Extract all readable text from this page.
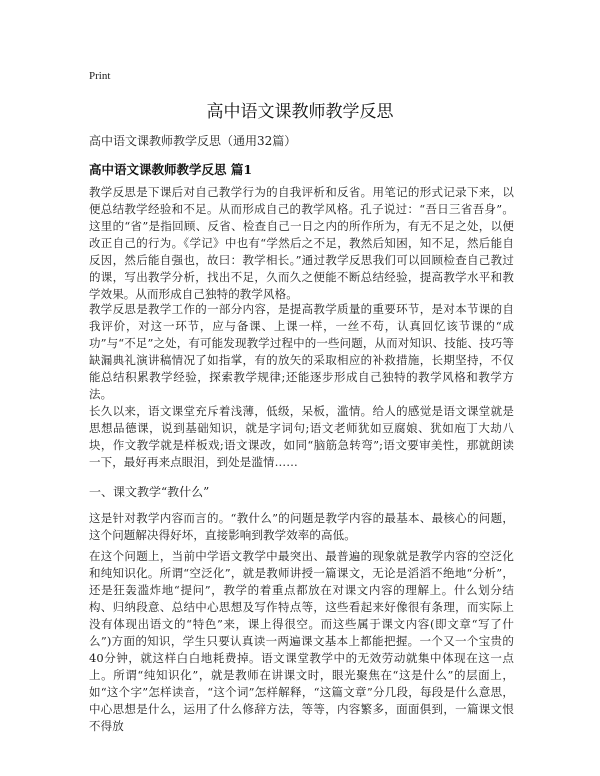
Print
高中语文课教师教学反思
高中语文课教师教学反思（通用32篇）
高中语文课教师教学反思 篇1

教学反思是下课后对自己教学行为的自我评析和反省。用笔记的形式记录下来，以便总结教学经验和不足。从而形成自己的教学风格。孔子说过：“吾日三省吾身”。这里的“省”是指回顾、反省、检查自己一日之内的所作所为，有无不足之处，以便改正自己的行为。《学记》中也有“学然后之不足，教然后知困，知不足，然后能自反因，然后能自强也，故曰：教学相长。”通过教学反思我们可以回顾检查自己教过的课，写出教学分析，找出不足，久而久之便能不断总结经验，提高教学水平和教学效果。从而形成自己独特的教学风格。

教学反思是教学工作的一部分内容，是提高教学质量的重要环节，是对本节课的自我评价，对这一环节，应与备课、上课一样，一丝不苟，认真回忆该节课的“成功”与“不足”之处，有可能发现教学过程中的一些问题，从而对知识、技能、技巧等缺漏典礼演讲稿情况了如指掌，有的放矢的采取相应的补救措施，长期坚持，不仅能总结积累教学经验，探索教学规律;还能逐步形成自己独特的教学风格和教学方法。

长久以来，语文课堂充斥着浅薄，低级，呆板，滥情。给人的感觉是语文课堂就是思想品德课，说到基础知识，就是字词句;语文老师犹如豆腐娘、犹如庖丁大劫八块，作文教学就是样板戏;语文课改，如同“脑筋急转弯”;语文要审美性，那就朗读一下，最好再来点眼泪，到处是滥情……

一、课文教学“教什么”

这是针对教学内容而言的。“教什么”的问题是教学内容的最基本、最核心的问题，这个问题解决得好坏，直接影响到教学效率的高低。

在这个问题上，当前中学语文教学中最突出、最普遍的现象就是教学内容的空泛化和纯知识化。所谓“空泛化”，就是教师讲授一篇课文，无论是滔滔不绝地“分析”，还是狂轰滥炸地“提问”，教学的着重点都放在对课文内容的理解上。什么划分结构、归纳段意、总结中心思想及写作特点等，这些看起来好像很有条理，而实际上没有体现出语文的“特色”来，课上得很空。而这些属于课文内容(即文章“写了什么”)方面的知识，学生只要认真读一两遍课文基本上都能把握。一个又一个宝贵的40分钟，就这样白白地耗费掉。语文课堂教学中的无效劳动就集中体现在这一点上。所谓“纯知识化”，就是教师在讲课文时，眼光聚焦在“这是什么”的层面上，如“这个字”怎样读音，“这个词”怎样解释，“这篇文章”分几段，每段是什么意思，中心思想是什么，运用了什么修辞方法，等等，内容繁多，面面俱到，一篇课文恨不得放
